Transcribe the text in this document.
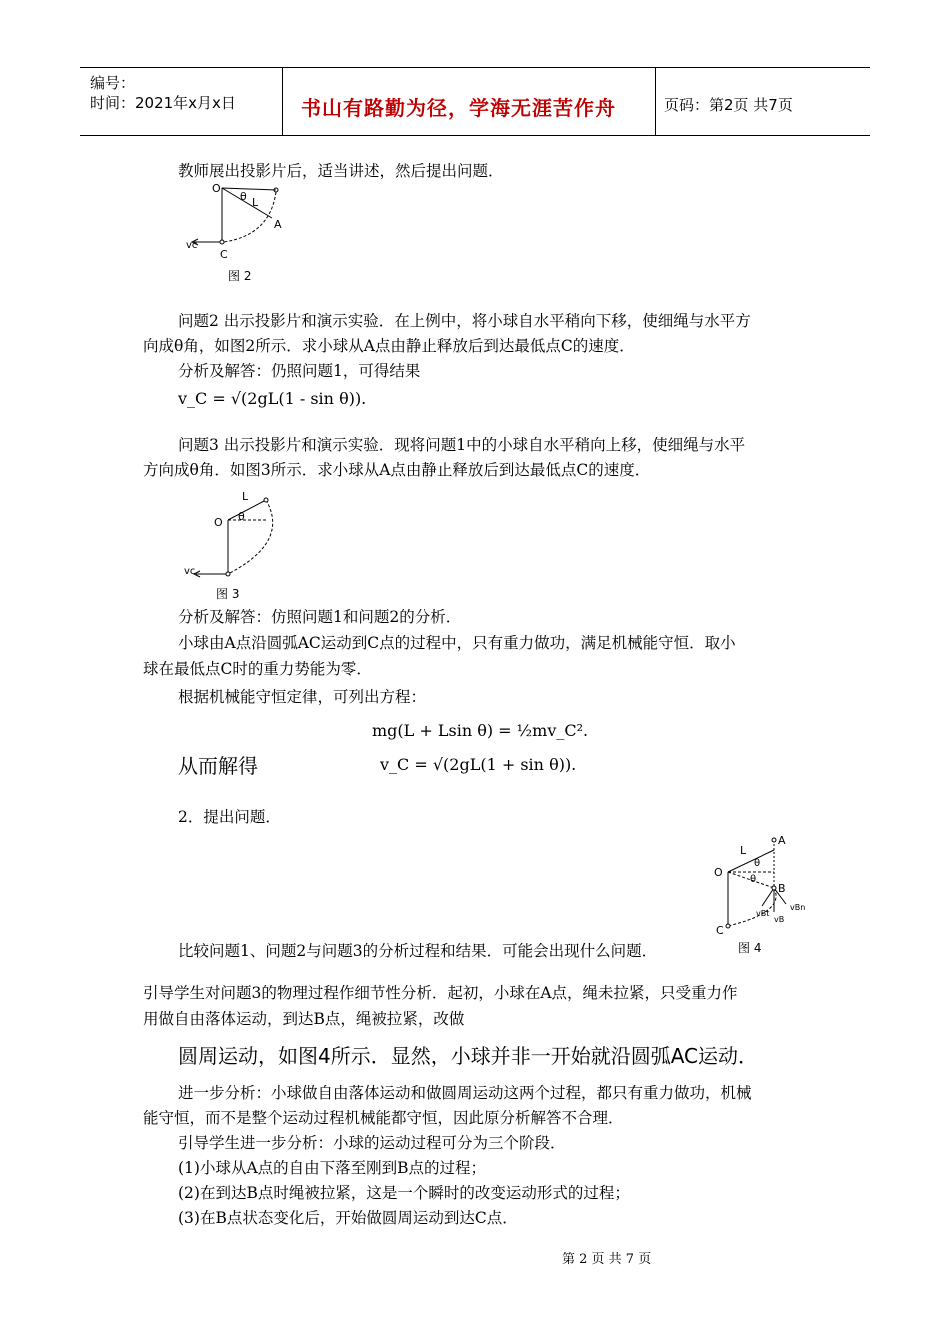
编号：
时间：2021年x月x日	书山有路勤为径，学海无涯苦作舟	页码：第2页 共7页
教师展出投影片后，适当讲述，然后提出问题．
O
θ L
A
C
vc
图 2
问题2 出示投影片和演示实验．在上例中，将小球自水平稍向下移，使细绳与水平方
向成θ角，如图2所示．求小球从A点由静止释放后到达最低点C的速度．
分析及解答：仍照问题1，可得结果
v_C = √(2gL(1 - sin θ)).
问题3 出示投影片和演示实验．现将问题1中的小球自水平稍向上移，使细绳与水平
方向成θ角．如图3所示．求小球从A点由静止释放后到达最低点C的速度．
L
O θ
vc
图 3
分析及解答：仿照问题1和问题2的分析．
小球由A点沿圆弧AC运动到C点的过程中，只有重力做功，满足机械能守恒．取小
球在最低点C时的重力势能为零．
根据机械能守恒定律，可列出方程：
mg(L + Lsin θ) = ½mv_C².
从而解得	v_C = √(2gL(1 + sin θ)).
2．提出问题．
A
L
O
θ
θ
B
C
vBn
vBt
vB
图 4
比较问题1、问题2与问题3的分析过程和结果．可能会出现什么问题．
引导学生对问题3的物理过程作细节性分析．起初，小球在A点，绳未拉紧，只受重力作
用做自由落体运动，到达B点，绳被拉紧，改做
圆周运动，如图4所示．显然，小球并非一开始就沿圆弧AC运动．
进一步分析：小球做自由落体运动和做圆周运动这两个过程，都只有重力做功，机械
能守恒，而不是整个运动过程机械能都守恒，因此原分析解答不合理．
引导学生进一步分析：小球的运动过程可分为三个阶段．
(1)小球从A点的自由下落至刚到B点的过程；
(2)在到达B点时绳被拉紧，这是一个瞬时的改变运动形式的过程；
(3)在B点状态变化后，开始做圆周运动到达C点．
第 2 页 共 7 页
